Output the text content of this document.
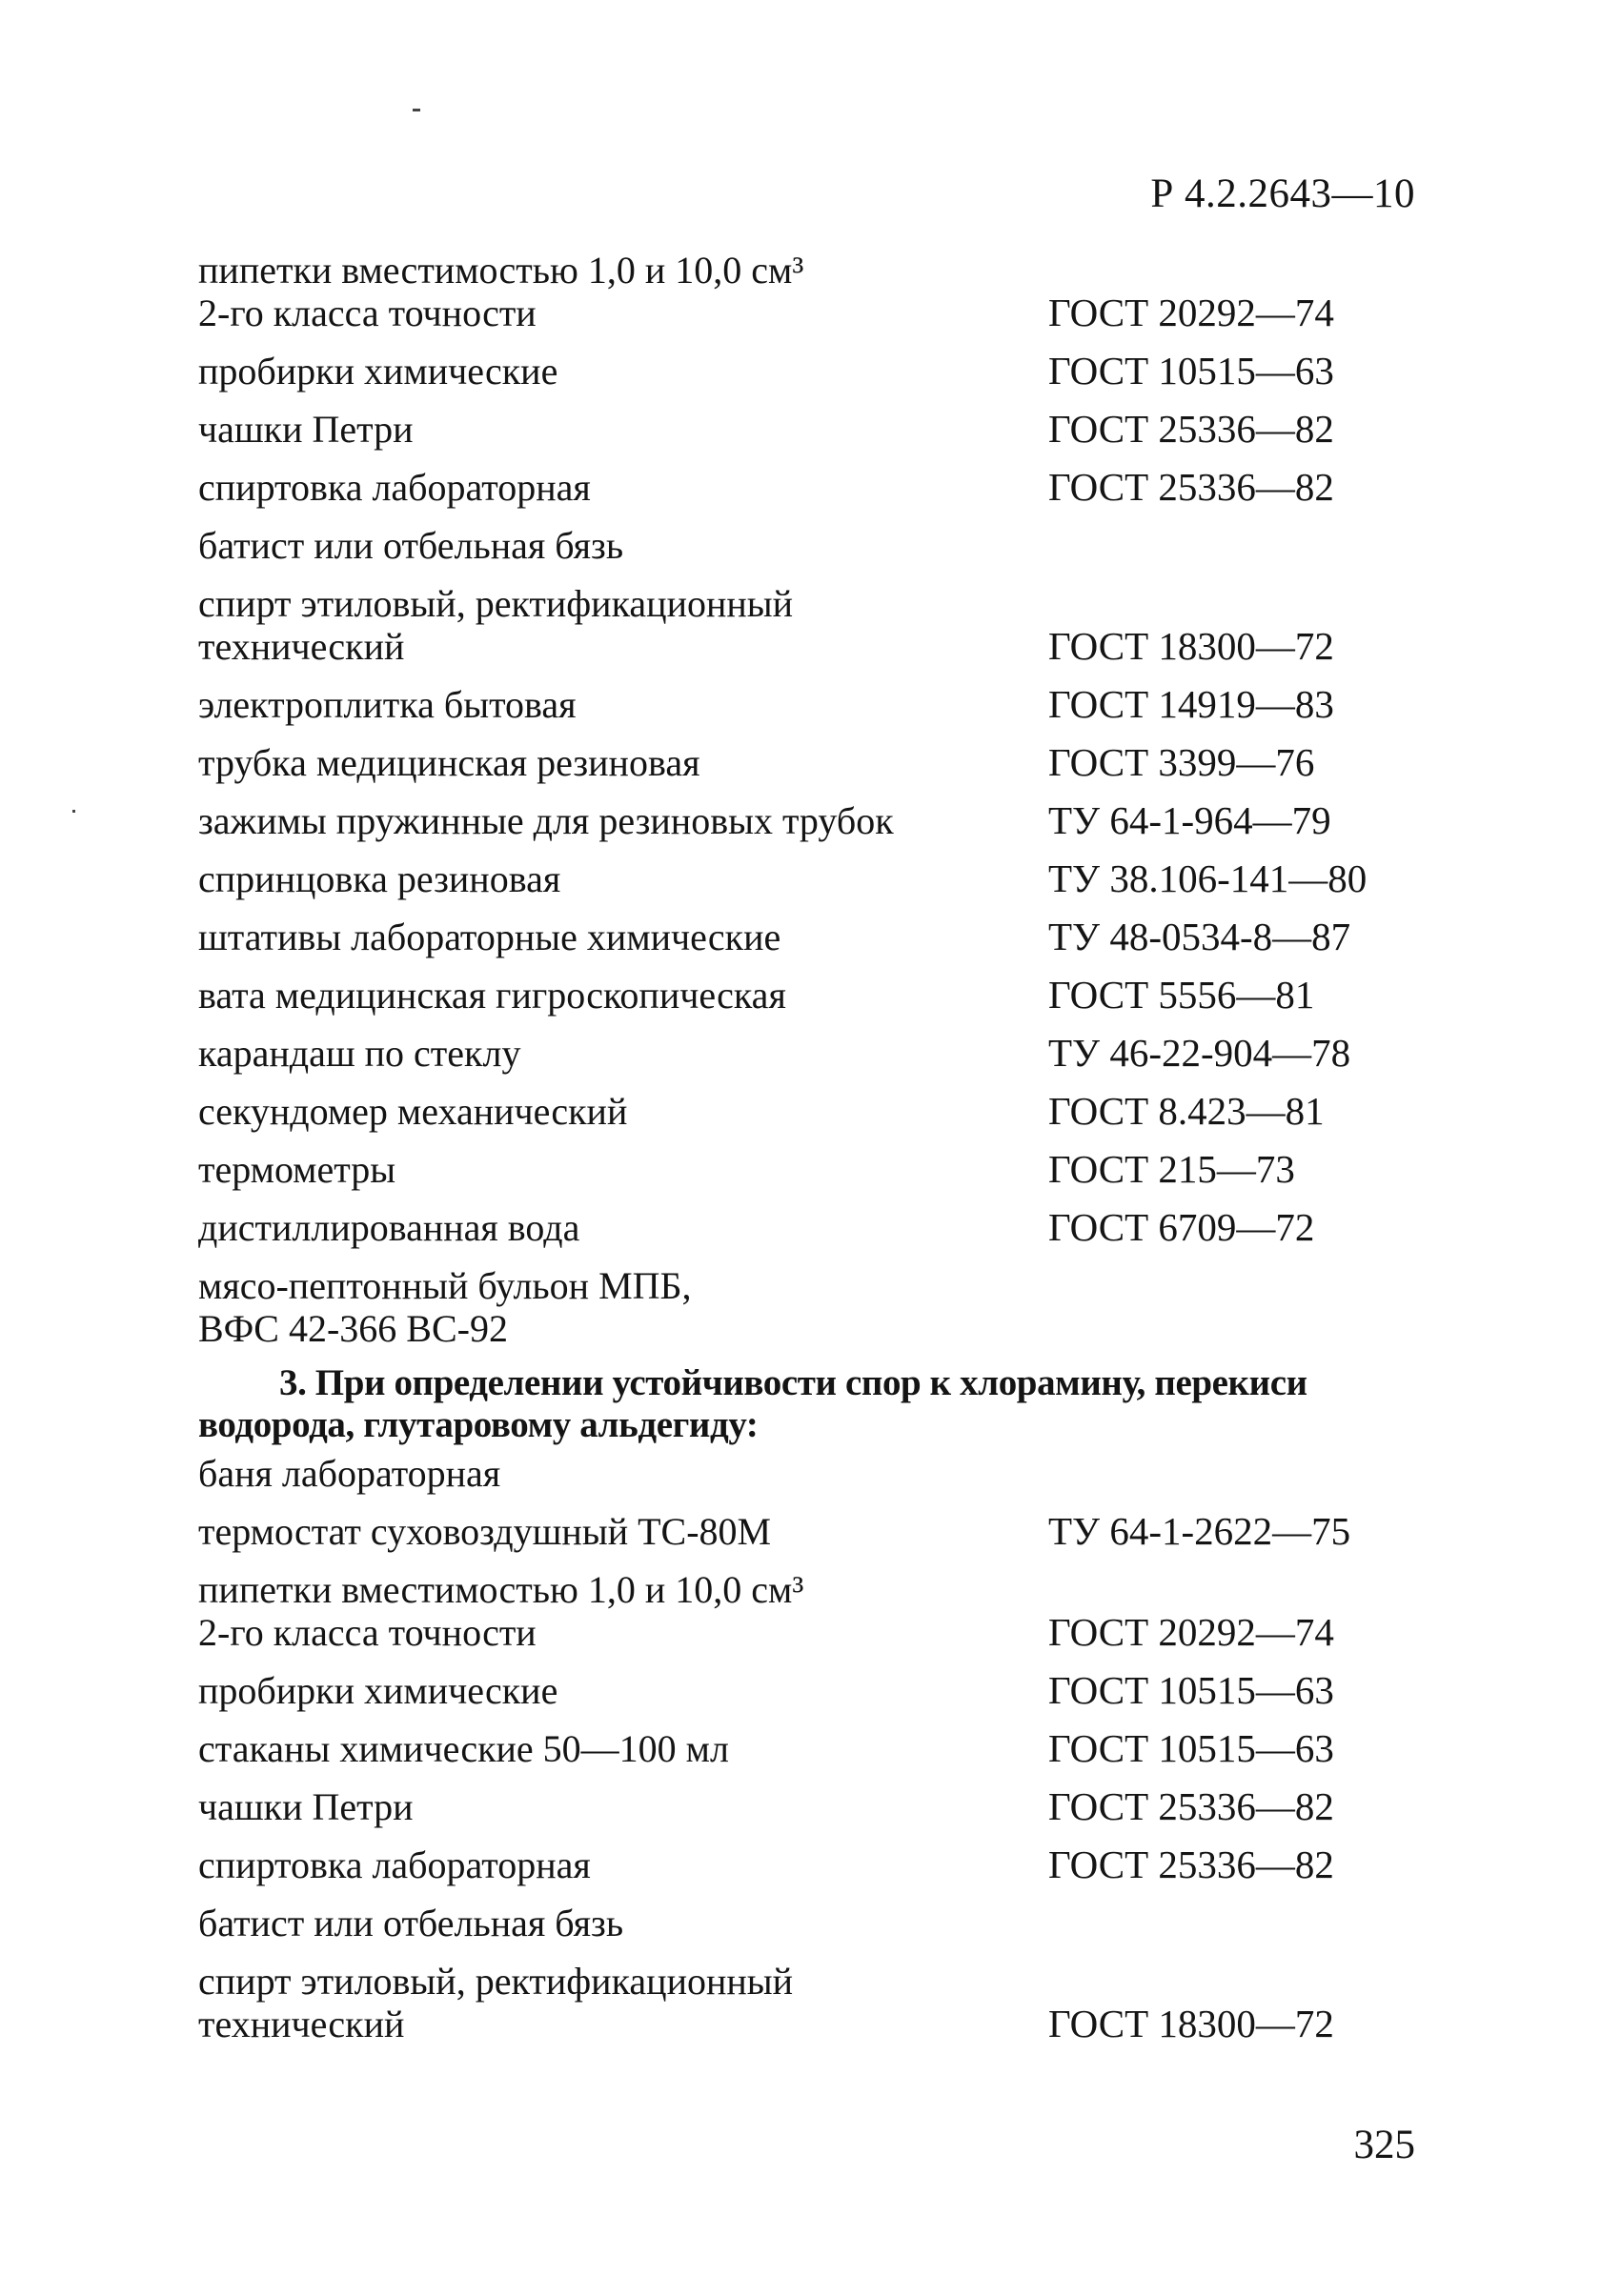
Р 4.2.2643—10
пипетки вместимостью 1,0 и 10,0 см³
2-го класса точности	ГОСТ 20292—74
пробирки химические	ГОСТ 10515—63
чашки Петри	ГОСТ 25336—82
спиртовка лабораторная	ГОСТ 25336—82
батист или отбельная бязь
спирт этиловый, ректификационный
технический	ГОСТ 18300—72
электроплитка бытовая	ГОСТ 14919—83
трубка медицинская резиновая	ГОСТ 3399—76
зажимы пружинные для резиновых трубок	ТУ 64-1-964—79
спринцовка резиновая	ТУ 38.106-141—80
штативы лабораторные химические	ТУ 48-0534-8—87
вата медицинская гигроскопическая	ГОСТ 5556—81
карандаш по стеклу	ТУ 46-22-904—78
секундомер механический	ГОСТ 8.423—81
термометры	ГОСТ 215—73
дистиллированная вода	ГОСТ 6709—72
мясо-пептонный бульон МПБ,
ВФС 42-366 ВС-92
3. При определении устойчивости спор к хлорамину, перекиси водорода, глутаровому альдегиду:
баня лабораторная
термостат суховоздушный ТС-80М	ТУ 64-1-2622—75
пипетки вместимостью 1,0 и 10,0 см³
2-го класса точности	ГОСТ 20292—74
пробирки химические	ГОСТ 10515—63
стаканы химические 50—100 мл	ГОСТ 10515—63
чашки Петри	ГОСТ 25336—82
спиртовка лабораторная	ГОСТ 25336—82
батист или отбельная бязь
спирт этиловый, ректификационный
технический	ГОСТ 18300—72
325
